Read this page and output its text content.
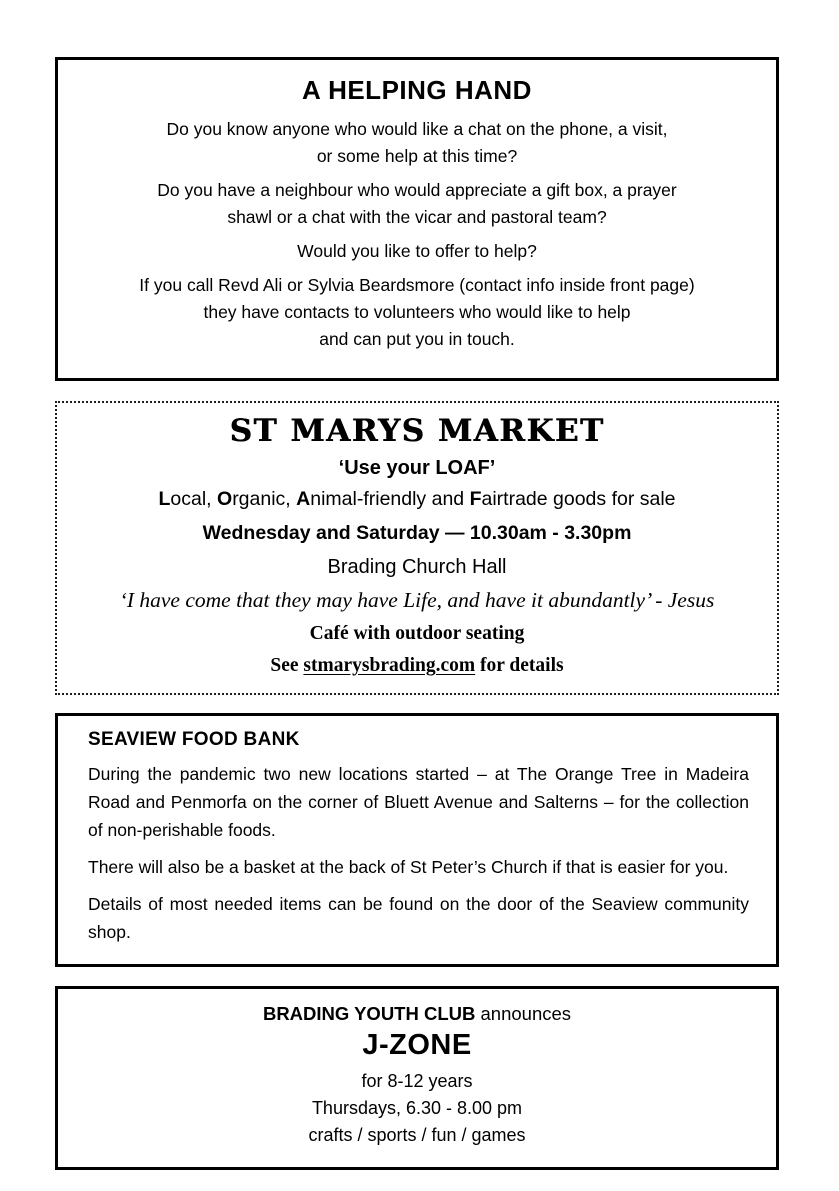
A HELPING HAND

Do you know anyone who would like a chat on the phone, a visit,
or some help at this time?

Do you have a neighbour who would appreciate a gift box, a prayer
shawl or a chat with the vicar and pastoral team?

Would you like to offer to help?

If you call Revd Ali or Sylvia Beardsmore (contact info inside front page)
they have contacts to volunteers who would like to help
and can put you in touch.

ST MARYS MARKET
‘Use your LOAF’
Local, Organic, Animal-friendly and Fairtrade goods for sale
Wednesday and Saturday — 10.30am - 3.30pm
Brading Church Hall
‘I have come that they may have Life, and have it abundantly’ - Jesus
Café with outdoor seating
See stmarysbrading.com for details
SEAVIEW FOOD BANK

During the pandemic two new locations started – at The Orange Tree in Madeira Road and Penmorfa on the corner of Bluett Avenue and Salterns – for the collection of non-perishable foods.

There will also be a basket at the back of St Peter’s Church if that is easier for you.

Details of most needed items can be found on the door of the Seaview community shop.

BRADING YOUTH CLUB announces
J-ZONE
for 8-12 years
Thursdays, 6.30 - 8.00 pm
crafts / sports / fun / games
